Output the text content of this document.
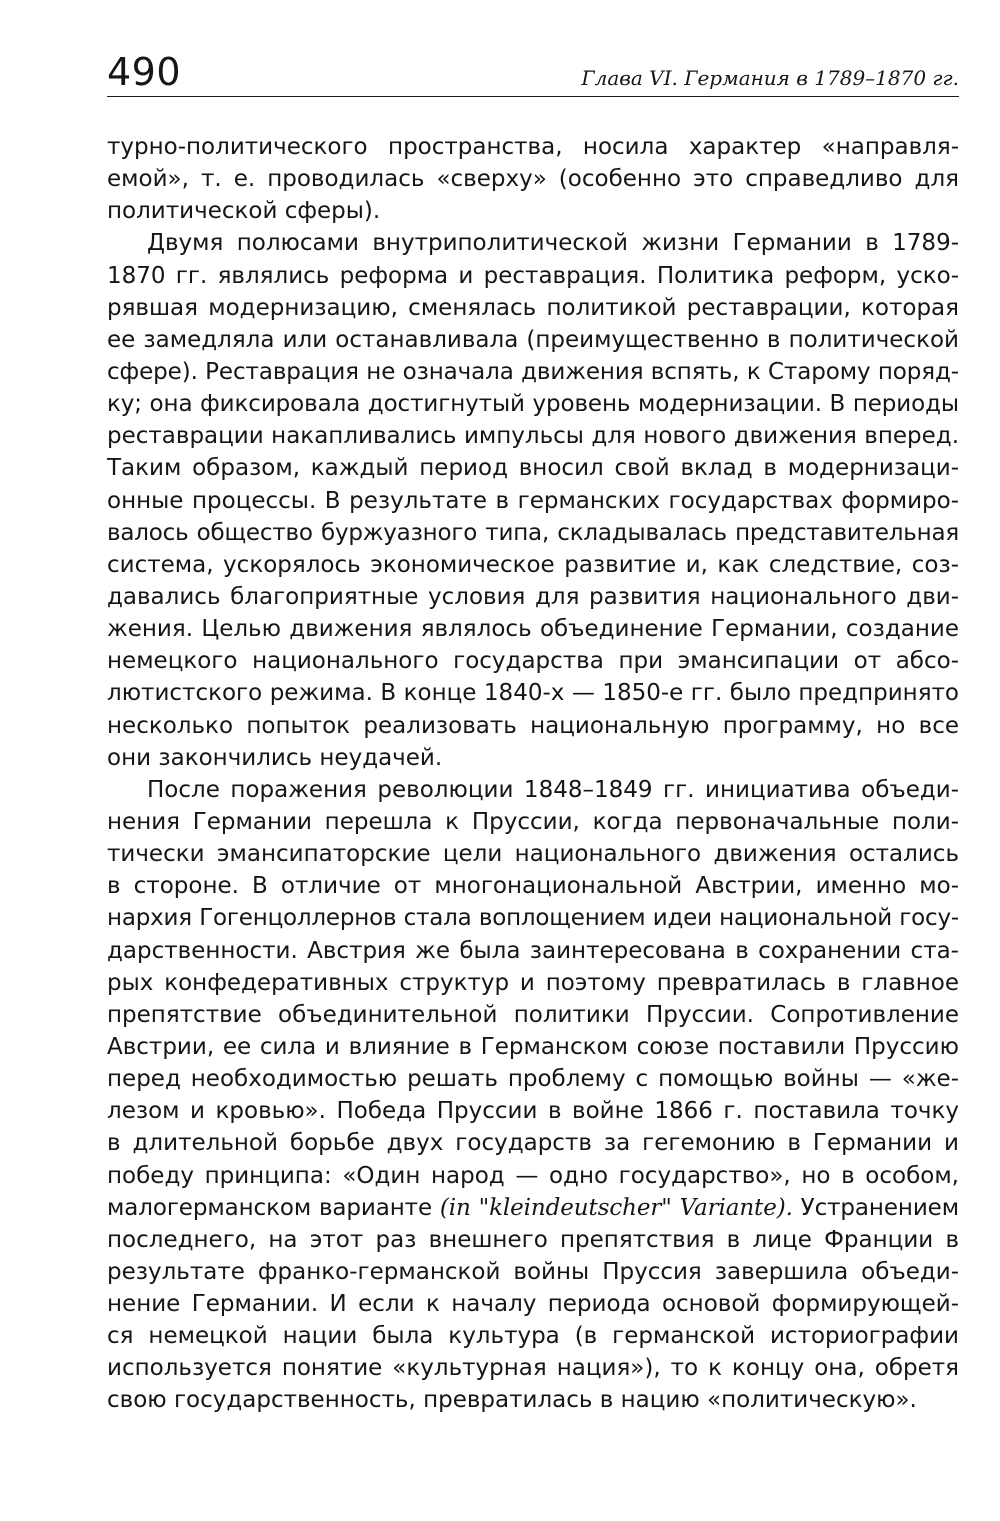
490	Глава VI. Германия в 1789–1870 гг.
турно-политического пространства, носила характер «направля-
емой», т. е. проводилась «сверху» (особенно это справедливо для
политической сферы).
Двумя полюсами внутриполитической жизни Германии в 1789-
1870 гг. являлись реформа и реставрация. Политика реформ, уско-
рявшая модернизацию, сменялась политикой реставрации, которая
ее замедляла или останавливала (преимущественно в политической
сфере). Реставрация не означала движения вспять, к Старому поряд-
ку; она фиксировала достигнутый уровень модернизации. В периоды
реставрации накапливались импульсы для нового движения вперед.
Таким образом, каждый период вносил свой вклад в модернизаци-
онные процессы. В результате в германских государствах формиро-
валось общество буржуазного типа, складывалась представительная
система, ускорялось экономическое развитие и, как следствие, соз-
давались благоприятные условия для развития национального дви-
жения. Целью движения являлось объединение Германии, создание
немецкого национального государства при эмансипации от абсо-
лютистского режима. В конце 1840-х — 1850-е гг. было предпринято
несколько попыток реализовать национальную программу, но все
они закончились неудачей.
После поражения революции 1848–1849 гг. инициатива объеди-
нения Германии перешла к Пруссии, когда первоначальные поли-
тически эмансипаторские цели национального движения остались
в стороне. В отличие от многонациональной Австрии, именно мо-
нархия Гогенцоллернов стала воплощением идеи национальной госу-
дарственности. Австрия же была заинтересована в сохранении ста-
рых конфедеративных структур и поэтому превратилась в главное
препятствие объединительной политики Пруссии. Сопротивление
Австрии, ее сила и влияние в Германском союзе поставили Пруссию
перед необходимостью решать проблему с помощью войны — «же-
лезом и кровью». Победа Пруссии в войне 1866 г. поставила точку
в длительной борьбе двух государств за гегемонию в Германии и
победу принципа: «Один народ — одно государство», но в особом,
малогерманском варианте (in "kleindeutscher" Variante). Устранением
последнего, на этот раз внешнего препятствия в лице Франции в
результате франко-германской войны Пруссия завершила объеди-
нение Германии. И если к началу периода основой формирующей-
ся немецкой нации была культура (в германской историографии
используется понятие «культурная нация»), то к концу она, обретя
свою государственность, превратилась в нацию «политическую».
